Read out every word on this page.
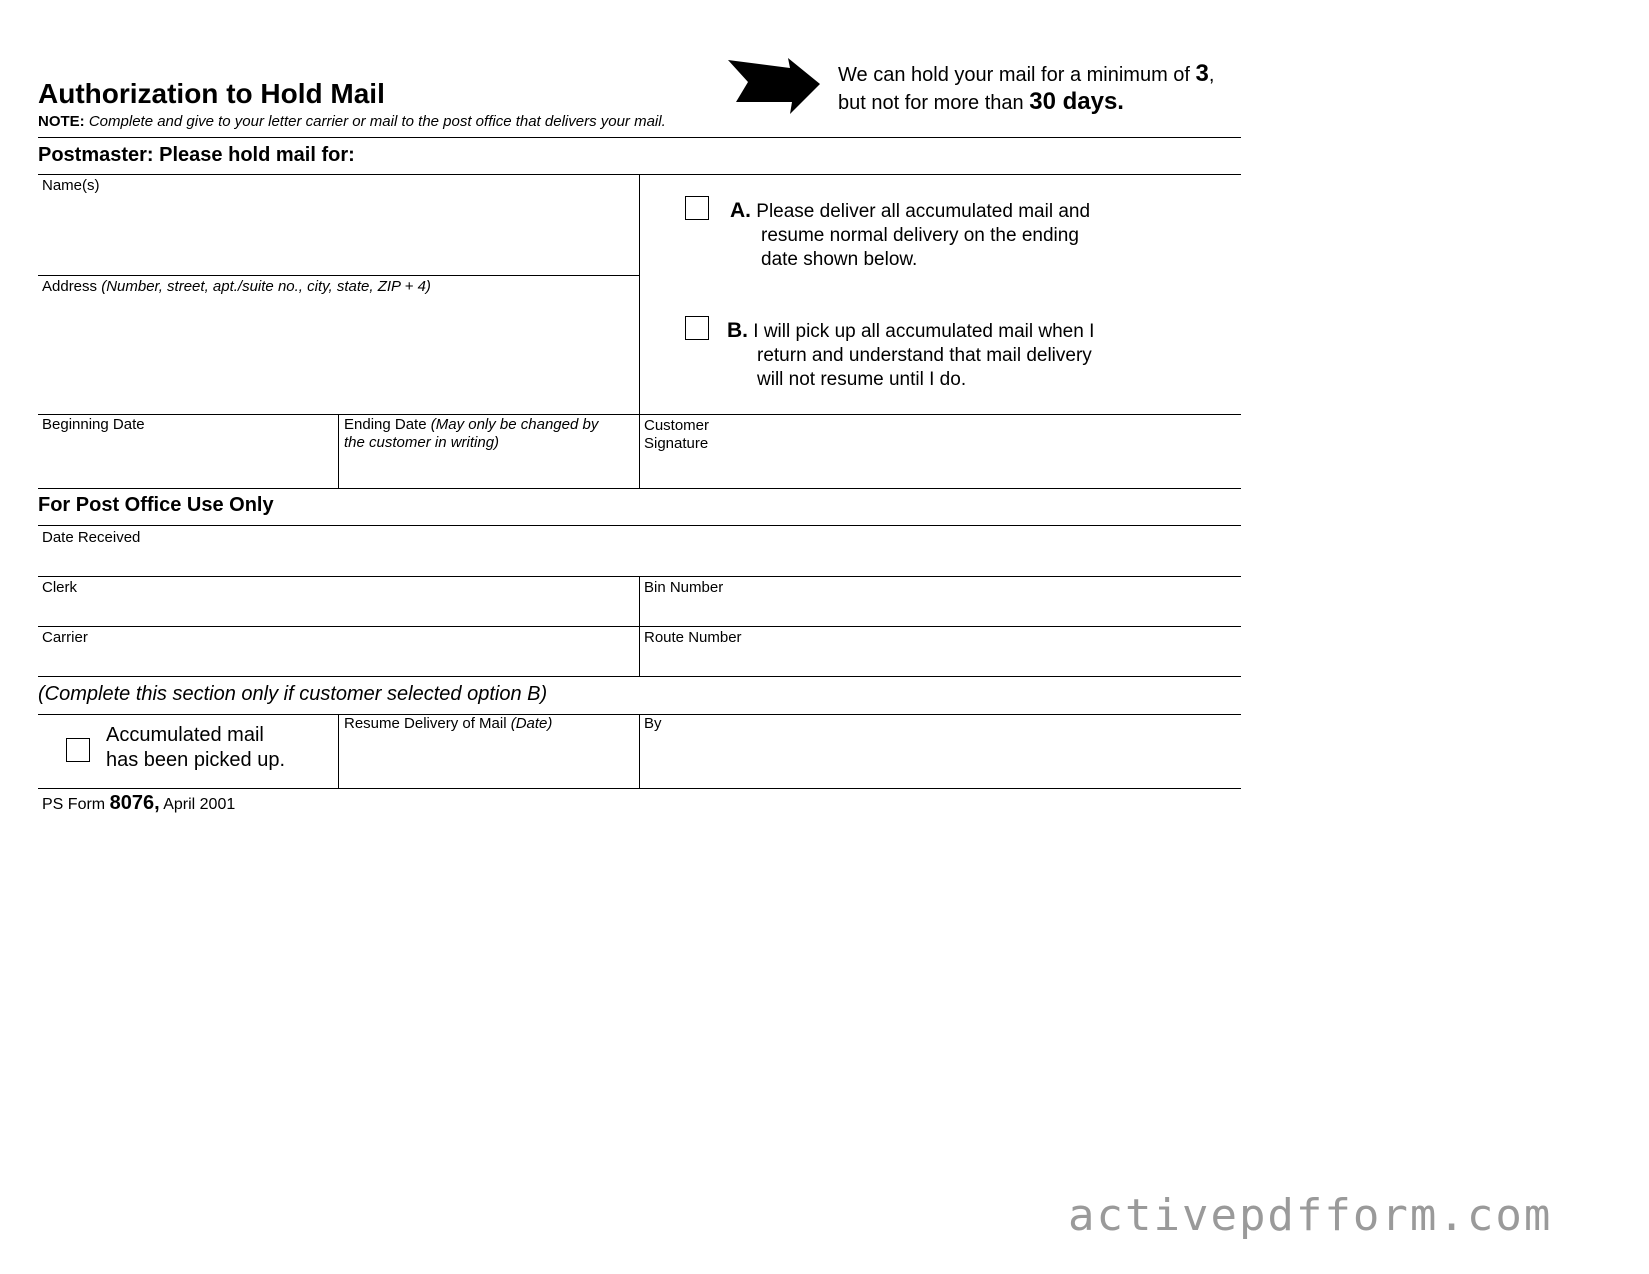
Authorization to Hold Mail
NOTE: Complete and give to your letter carrier or mail to the post office that delivers your mail.
We can hold your mail for a minimum of 3,
but not for more than 30 days.
Postmaster: Please hold mail for:
Name(s)
Address (Number, street, apt./suite no., city, state, ZIP + 4)
A. Please deliver all accumulated mail and
resume normal delivery on the ending
date shown below.
B. I will pick up all accumulated mail when I
return and understand that mail delivery
will not resume until I do.
Beginning Date	Ending Date (May only be changed by
the customer in writing)
Customer
Signature
For Post Office Use Only
Date Received
Clerk	Bin Number
Carrier	Route Number
(Complete this section only if customer selected option B)
Accumulated mail
has been picked up.
Resume Delivery of Mail (Date)	By
PS Form 8076, April 2001
activepdfform.com
